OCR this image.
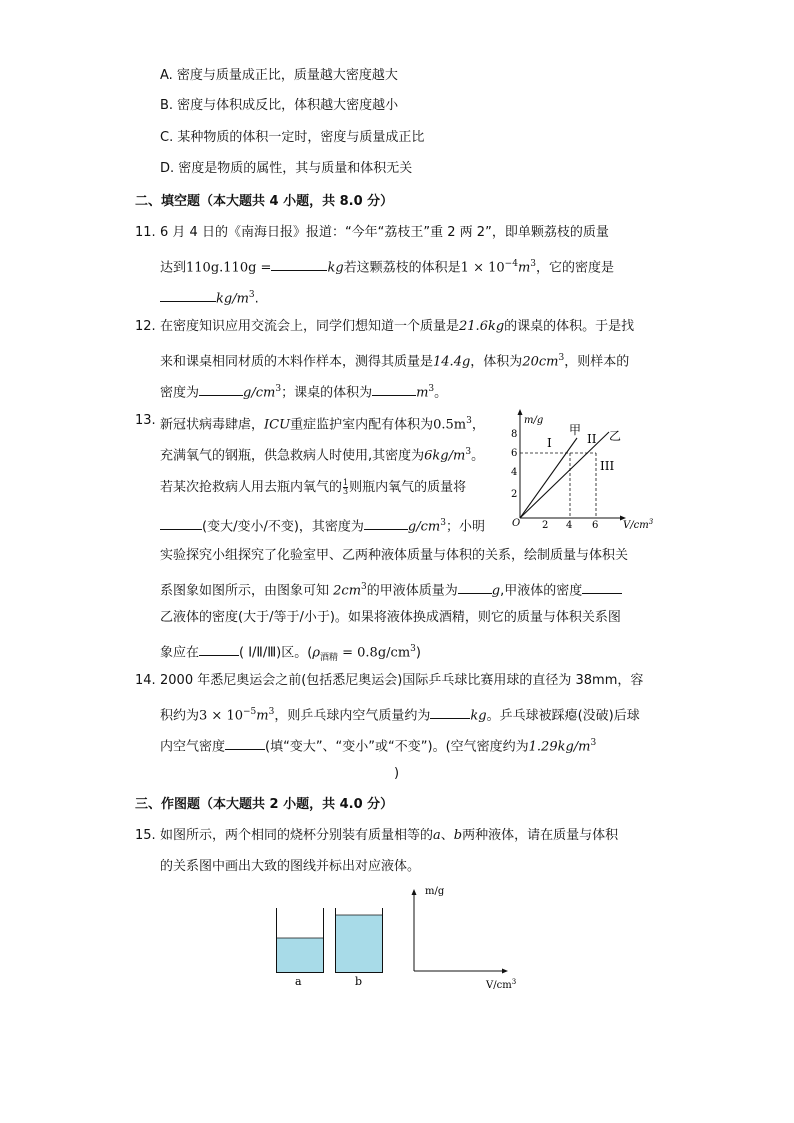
A. 密度与质量成正比，质量越大密度越大
B. 密度与体积成反比，体积越大密度越小
C. 某种物质的体积一定时，密度与质量成正比
D. 密度是物质的属性，其与质量和体积无关
二、填空题（本大题共 4 小题，共 8.0 分）
11. 6 月 4 日的《南海日报》报道：“今年“荔枝王”重 2 两 2”，即单颗荔枝的质量
达到110g.110g =	kg若这颗荔枝的体积是$1 \times 10^{-4}m^3$，它的密度是
$kg/m^3$.
12. 在密度知识应用交流会上，同学们想知道一个质量是21.6kg的课桌的体积。于是找
来和课桌相同材质的木料作样本，测得其质量是14.4g，体积为$20cm^3$，则样本的
密度为	$g/cm^3$；课桌的体积为	$m^3$。
13. 新冠状病毒肆虐，ICU重症监护室内配有体积为$0.5m^3$，
充满氧气的钢瓶，供急救病人时使用,其密度为$6kg/m^3$。
若某次抢救病人用去瓶内氧气的 $\frac{1}{3}$ 则瓶内氧气的质量将
(变大/变小/不变)，其密度为	$g/cm^3$；小明
实验探究小组探究了化验室甲、乙两种液体质量与体积的关系，绘制质量与体积关
系图象如图所示，由图象可知 $2cm^3$的甲液体质量为	g,甲液体的密度
乙液体的密度(大于/等于/小于)。如果将液体换成酒精，则它的质量与体积关系图
象应在	( Ⅰ/Ⅱ/Ⅲ)区。$(\rho_{酒精} = 0.8g/cm^3)$
m/g
$V/cm^3$
O
2
4
6
8
2 4 6
甲 乙
I	II
III
14. 2000 年悉尼奥运会之前(包括悉尼奥运会)国际乒乓球比赛用球的直径为 38mm，容
积约为$3 \times 10^{-5}m^3$，则乒乓球内空气质量约为	kg。乒乓球被踩瘪(没破)后球
内空气密度	(填“变大”、“变小”或“不变”)。(空气密度约为$1.29kg/m^3$
)
三、作图题（本大题共 2 小题，共 4.0 分）
15. 如图所示，两个相同的烧杯分别装有质量相等的a、b两种液体，请在质量与体积
的关系图中画出大致的图线并标出对应液体。
a	b
m/g
$V/cm^3$
